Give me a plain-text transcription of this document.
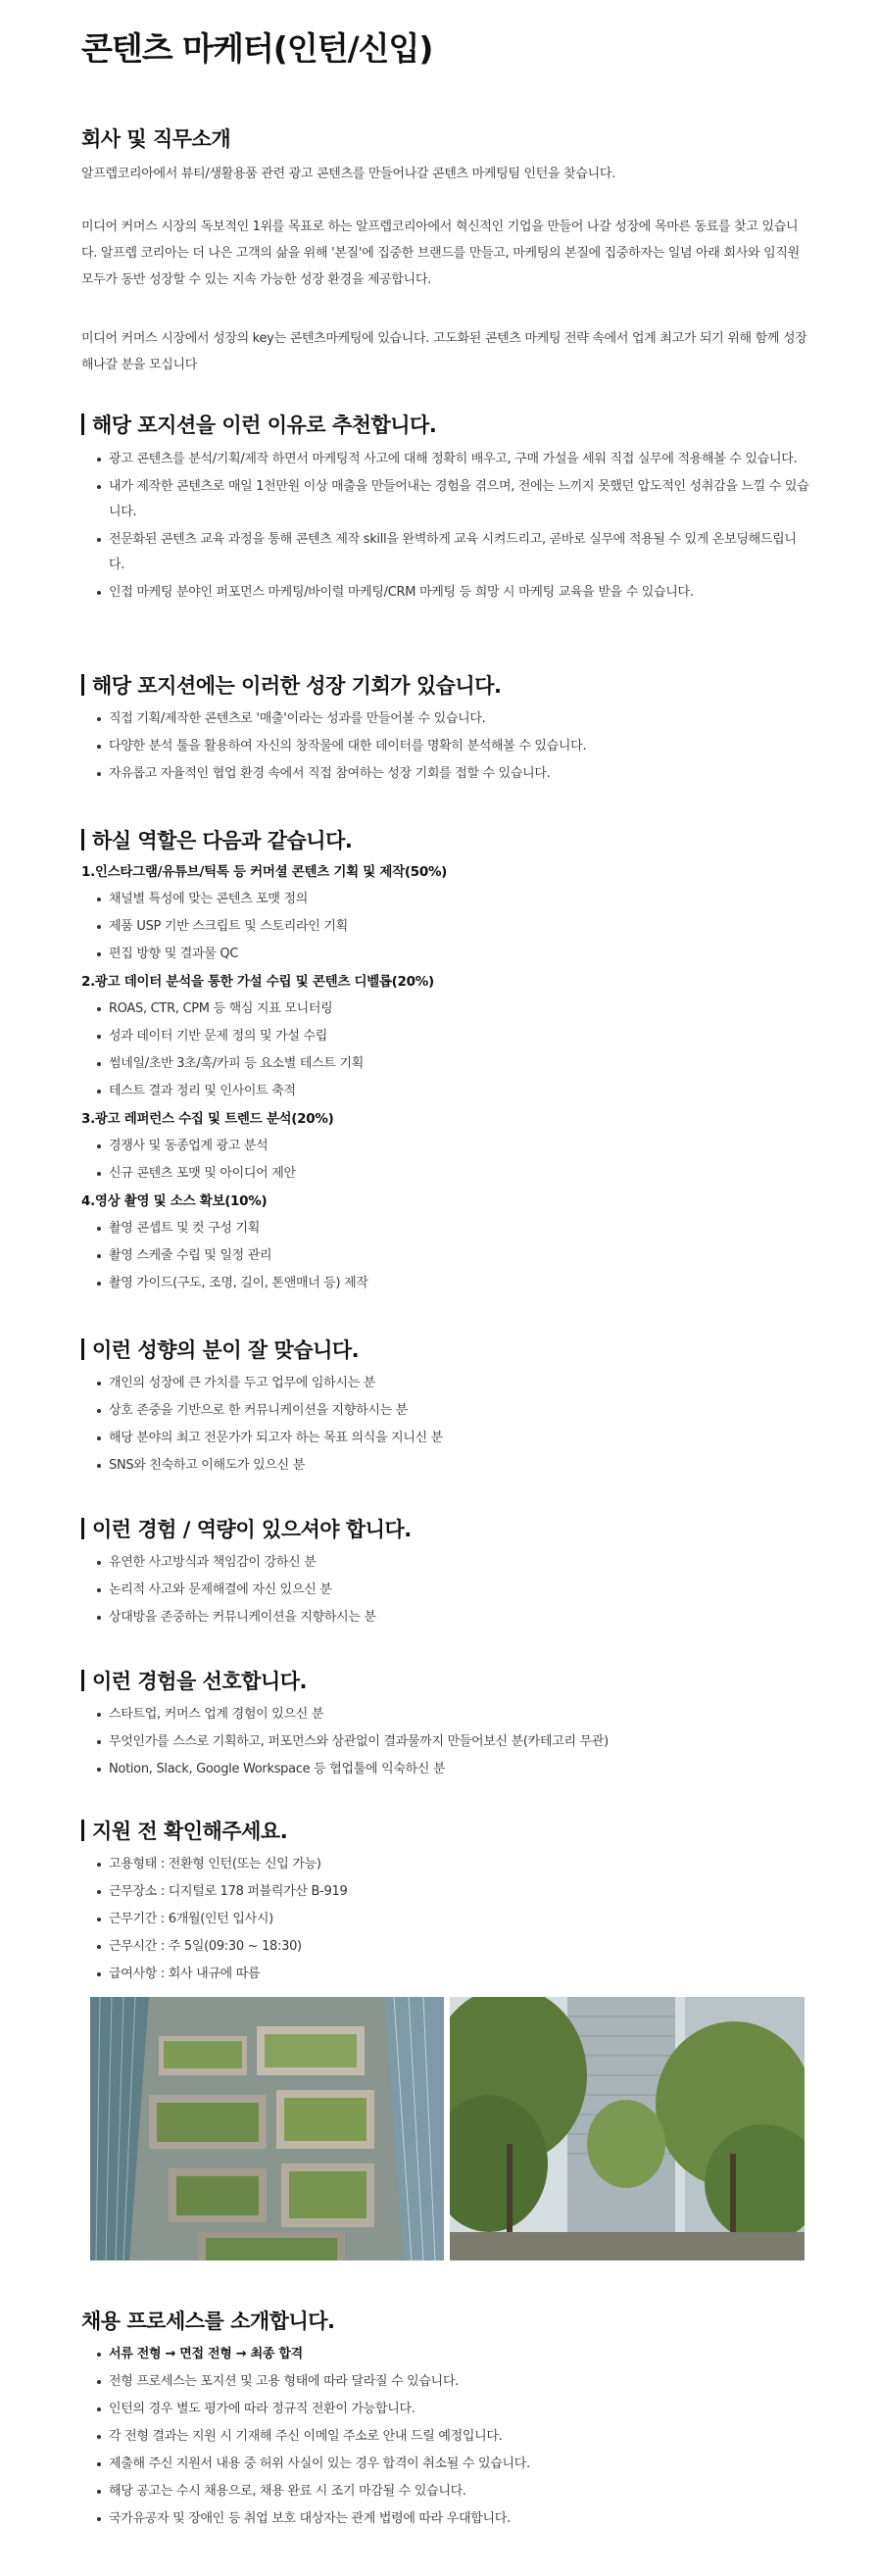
콘텐츠 마케터(인턴/신입)
회사 및 직무소개

알프렙코리아에서 뷰티/생활용품 관련 광고 콘텐츠를 만들어나갈 콘텐츠 마케팅팀 인턴을 찾습니다.

미디어 커머스 시장의 독보적인 1위를 목표로 하는 알프렙코리아에서 혁신적인 기업을 만들어 나갈 성장에 목마른 동료를 찾고 있습니다. 알프렙 코리아는 더 나은 고객의 삶을 위해 '본질'에 집중한 브랜드를 만들고, 마케팅의 본질에 집중하자는 일념 아래 회사와 임직원 모두가 동반 성장할 수 있는 지속 가능한 성장 환경을 제공합니다.

미디어 커머스 시장에서 성장의 key는 콘텐츠마케팅에 있습니다. 고도화된 콘텐츠 마케팅 전략 속에서 업계 최고가 되기 위해 함께 성장해나갈 분을 모십니다

해당 포지션을 이런 이유로 추천합니다.
광고 콘텐츠를 분석/기획/제작 하면서 마케팅적 사고에 대해 정확히 배우고, 구매 가설을 세워 직접 실무에 적용해볼 수 있습니다.
내가 제작한 콘텐츠로 매일 1천만원 이상 매출을 만들어내는 경험을 겪으며, 전에는 느끼지 못했던 압도적인 성취감을 느낄 수 있습니다.
전문화된 콘텐츠 교육 과정을 통해 콘텐츠 제작 skill을 완벽하게 교육 시켜드리고, 곧바로 실무에 적용될 수 있게 온보딩해드립니다.
인접 마케팅 분야인 퍼포먼스 마케팅/바이럴 마케팅/CRM 마케팅 등 희망 시 마케팅 교육을 받을 수 있습니다.
해당 포지션에는 이러한 성장 기회가 있습니다.
직접 기획/제작한 콘텐츠로 '매출'이라는 성과를 만들어볼 수 있습니다.
다양한 분석 툴을 활용하여 자신의 창작물에 대한 데이터를 명확히 분석해볼 수 있습니다.
자유롭고 자율적인 협업 환경 속에서 직접 참여하는 성장 기회를 접할 수 있습니다.
하실 역할은 다음과 같습니다.

1.인스타그램/유튜브/틱톡 등 커머셜 콘텐츠 기획 및 제작(50%)

채널별 특성에 맞는 콘텐츠 포맷 정의
제품 USP 기반 스크립트 및 스토리라인 기획
편집 방향 및 결과물 QC

2.광고 데이터 분석을 통한 가설 수립 및 콘텐츠 디벨롭(20%)

ROAS, CTR, CPM 등 핵심 지표 모니터링
성과 데이터 기반 문제 정의 및 가설 수립
썸네일/초반 3초/훅/카피 등 요소별 테스트 기획
테스트 결과 정리 및 인사이트 축적

3.광고 레퍼런스 수집 및 트렌드 분석(20%)

경쟁사 및 동종업계 광고 분석
신규 콘텐츠 포맷 및 아이디어 제안

4.영상 촬영 및 소스 확보(10%)

촬영 콘셉트 및 컷 구성 기획
촬영 스케줄 수립 및 일정 관리
촬영 가이드(구도, 조명, 길이, 톤앤매너 등) 제작
이런 성향의 분이 잘 맞습니다.
개인의 성장에 큰 가치를 두고 업무에 임하시는 분
상호 존중을 기반으로 한 커뮤니케이션을 지향하시는 분
해당 분야의 최고 전문가가 되고자 하는 목표 의식을 지니신 분
SNS와 친숙하고 이해도가 있으신 분
이런 경험 / 역량이 있으셔야 합니다.
유연한 사고방식과 책임감이 강하신 분
논리적 사고와 문제해결에 자신 있으신 분
상대방을 존중하는 커뮤니케이션을 지향하시는 분
이런 경험을 선호합니다.
스타트업, 커머스 업계 경험이 있으신 분
무엇인가를 스스로 기획하고, 퍼포먼스와 상관없이 결과물까지 만들어보신 분(카테고리 무관)
Notion, Slack, Google Workspace 등 협업툴에 익숙하신 분
지원 전 확인해주세요.
고용형태 : 전환형 인턴(또는 신입 가능)
근무장소 : 디지털로 178 퍼블릭가산 B-919
근무기간 : 6개월(인턴 입사시)
근무시간 : 주 5일(09:30 ~ 18:30)
급여사항 : 회사 내규에 따름
채용 프로세스를 소개합니다.
서류 전형 → 면접 전형 → 최종 합격
전형 프로세스는 포지션 및 고용 형태에 따라 달라질 수 있습니다.
인턴의 경우 별도 평가에 따라 정규직 전환이 가능합니다.
각 전형 결과는 지원 시 기재해 주신 이메일 주소로 안내 드릴 예정입니다.
제출해 주신 지원서 내용 중 허위 사실이 있는 경우 합격이 취소될 수 있습니다.
해당 공고는 수시 채용으로, 채용 완료 시 조기 마감될 수 있습니다.
국가유공자 및 장애인 등 취업 보호 대상자는 관계 법령에 따라 우대합니다.
